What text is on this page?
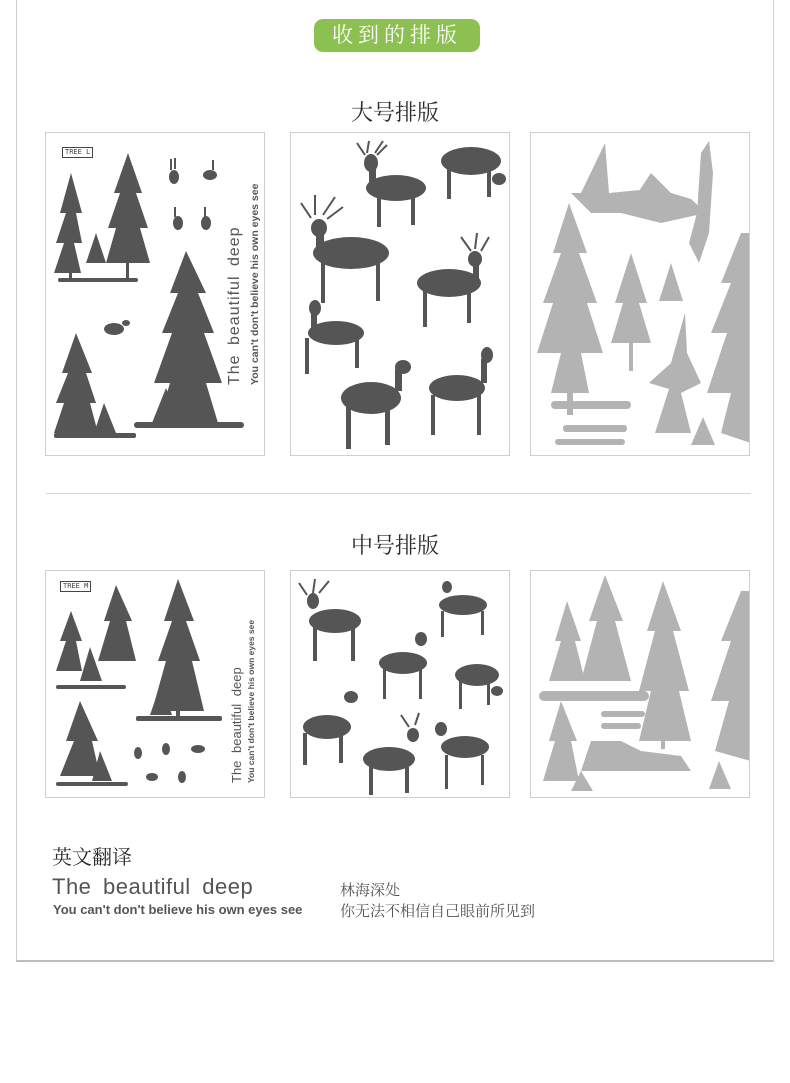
收到的排版
大号排版
TREE L
The beautiful deep You can't don't believe his own eyes see
中号排版
TREE M
The beautiful deep You can't don't believe his own eyes see
英文翻译
The beautiful deep
You can't don't believe his own eyes see
林海深处
你无法不相信自己眼前所见到
